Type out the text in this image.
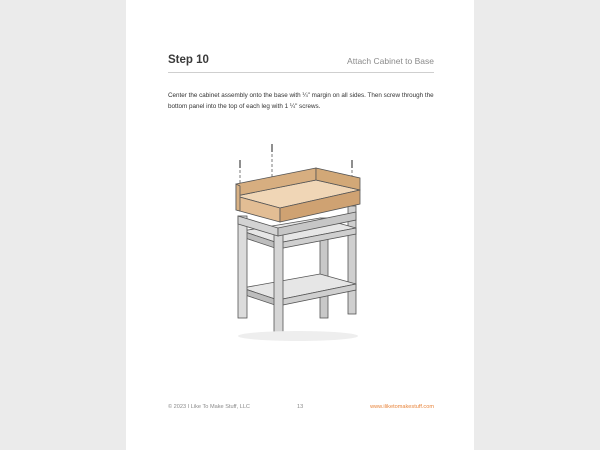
Step 10	Attach Cabinet to Base
Center the cabinet assembly onto the base with ¼" margin on all sides. Then screw through the bottom panel into the top of each leg with 1 ¼" screws.
© 2023 I Like To Make Stuff, LLC	13	www.iliketomakestuff.com
